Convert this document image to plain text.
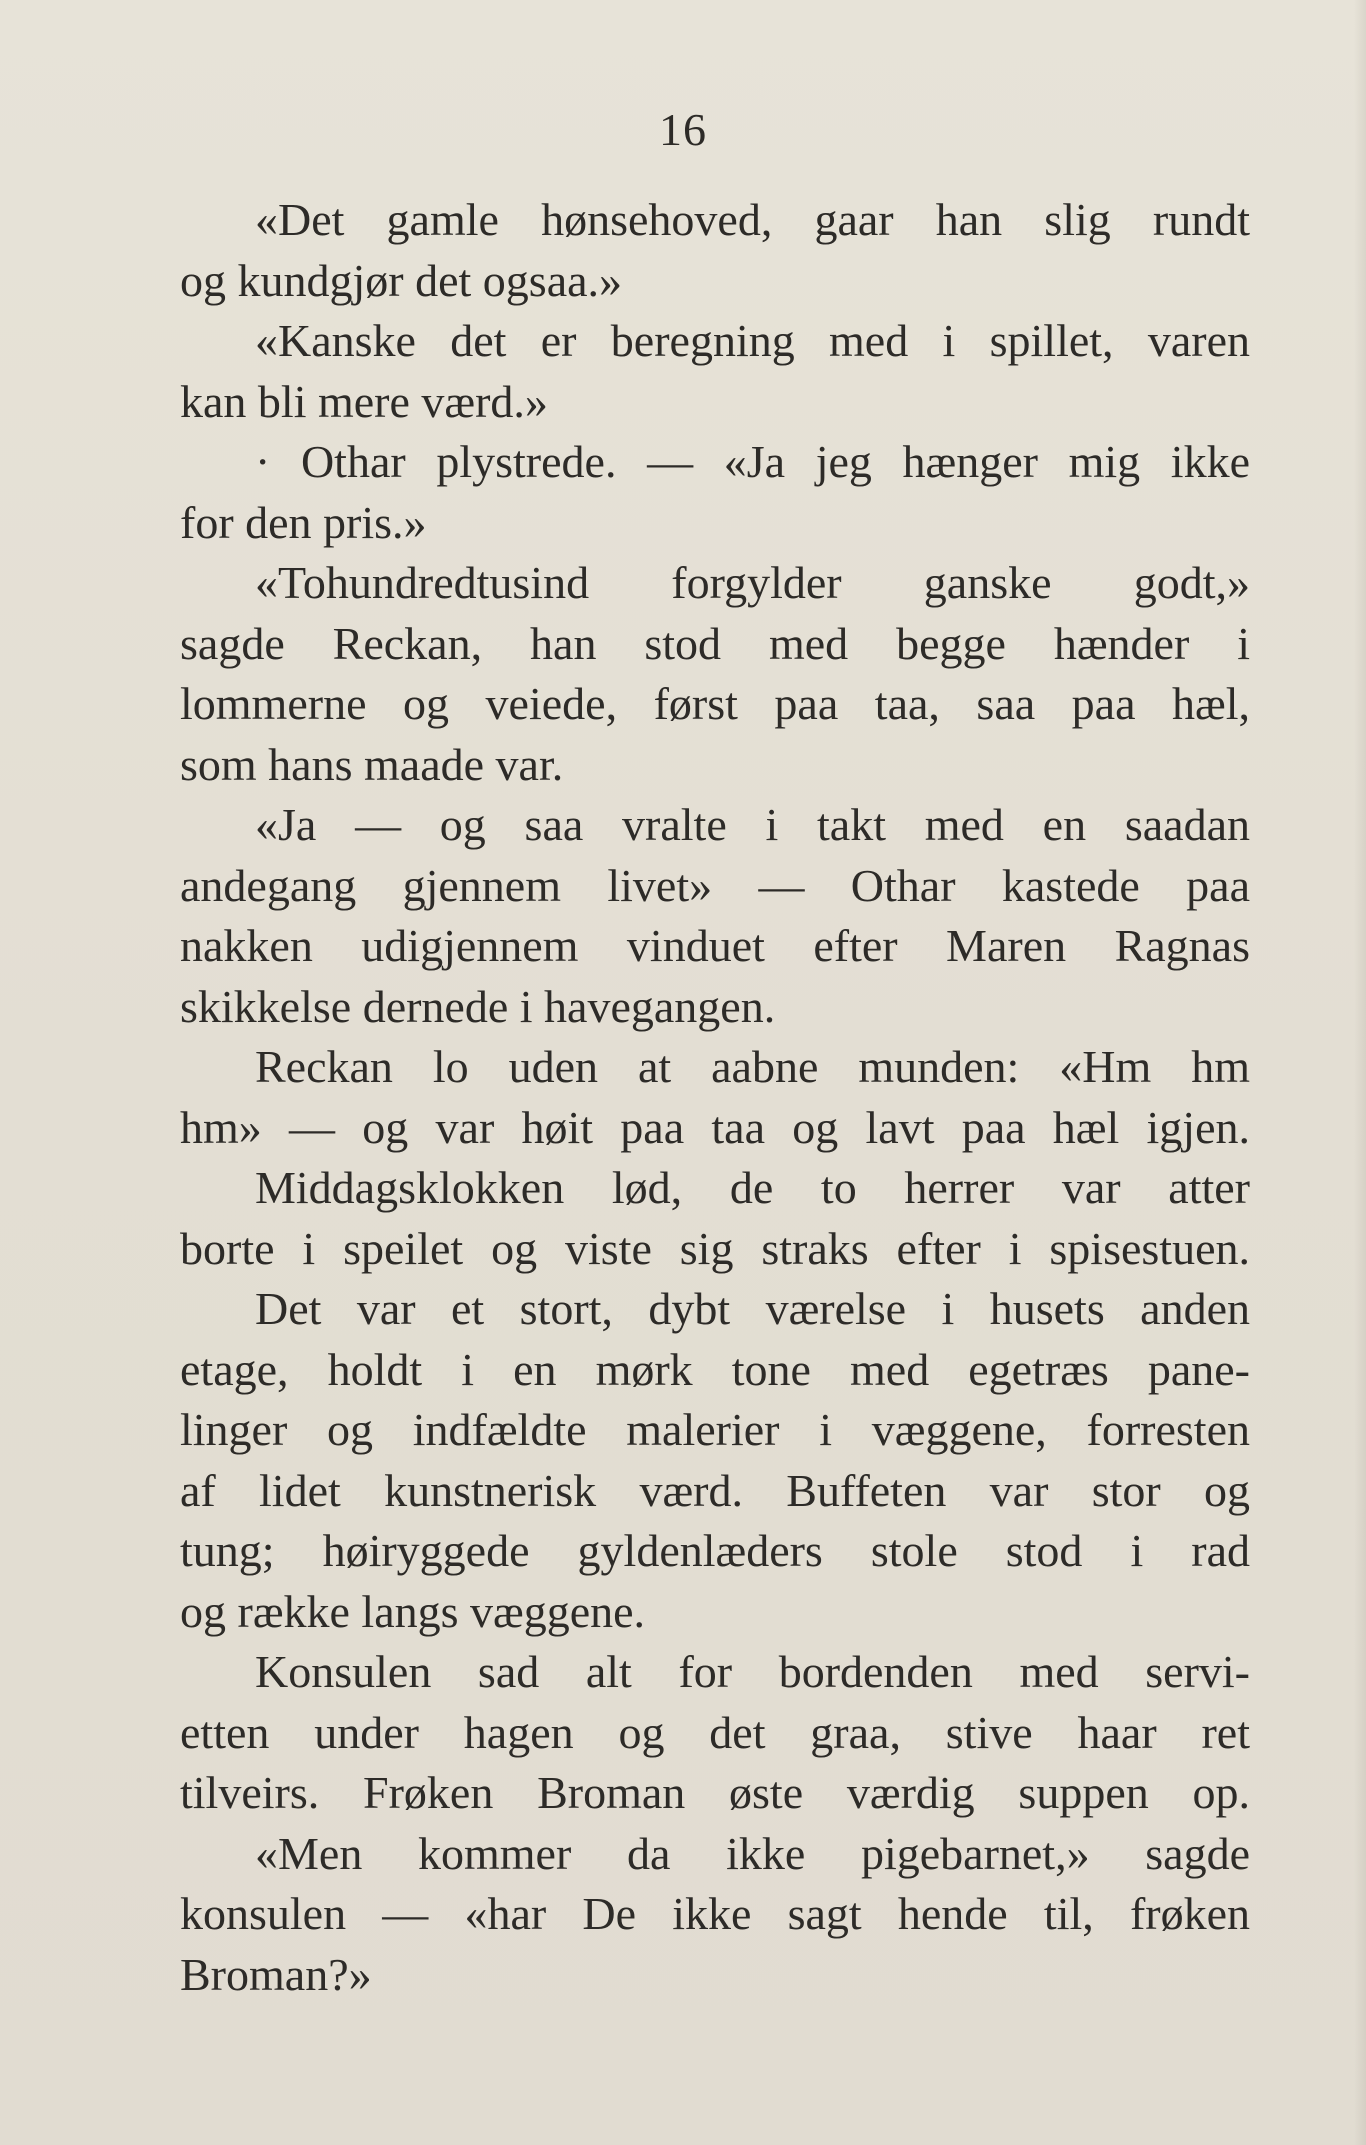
16
«Det gamle hønsehoved, gaar han slig rundt
og kundgjør det ogsaa.»
«Kanske det er beregning med i spillet, varen
kan bli mere værd.»
· Othar plystrede. — «Ja jeg hænger mig ikke
for den pris.»
«Tohundredtusind forgylder ganske godt,»
sagde Reckan, han stod med begge hænder i
lommerne og veiede, først paa taa, saa paa hæl,
som hans maade var.
«Ja — og saa vralte i takt med en saadan
andegang gjennem livet» — Othar kastede paa
nakken udigjennem vinduet efter Maren Ragnas
skikkelse dernede i havegangen.
Reckan lo uden at aabne munden: «Hm hm
hm» — og var høit paa taa og lavt paa hæl igjen.
Middagsklokken lød, de to herrer var atter
borte i speilet og viste sig straks efter i spisestuen.
Det var et stort, dybt værelse i husets anden
etage, holdt i en mørk tone med egetræs pane-
linger og indfældte malerier i væggene, forresten
af lidet kunstnerisk værd. Buffeten var stor og
tung; høiryggede gyldenlæders stole stod i rad
og række langs væggene.
Konsulen sad alt for bordenden med servi-
etten under hagen og det graa, stive haar ret
tilveirs. Frøken Broman øste værdig suppen op.
«Men kommer da ikke pigebarnet,» sagde
konsulen — «har De ikke sagt hende til, frøken
Broman?»
